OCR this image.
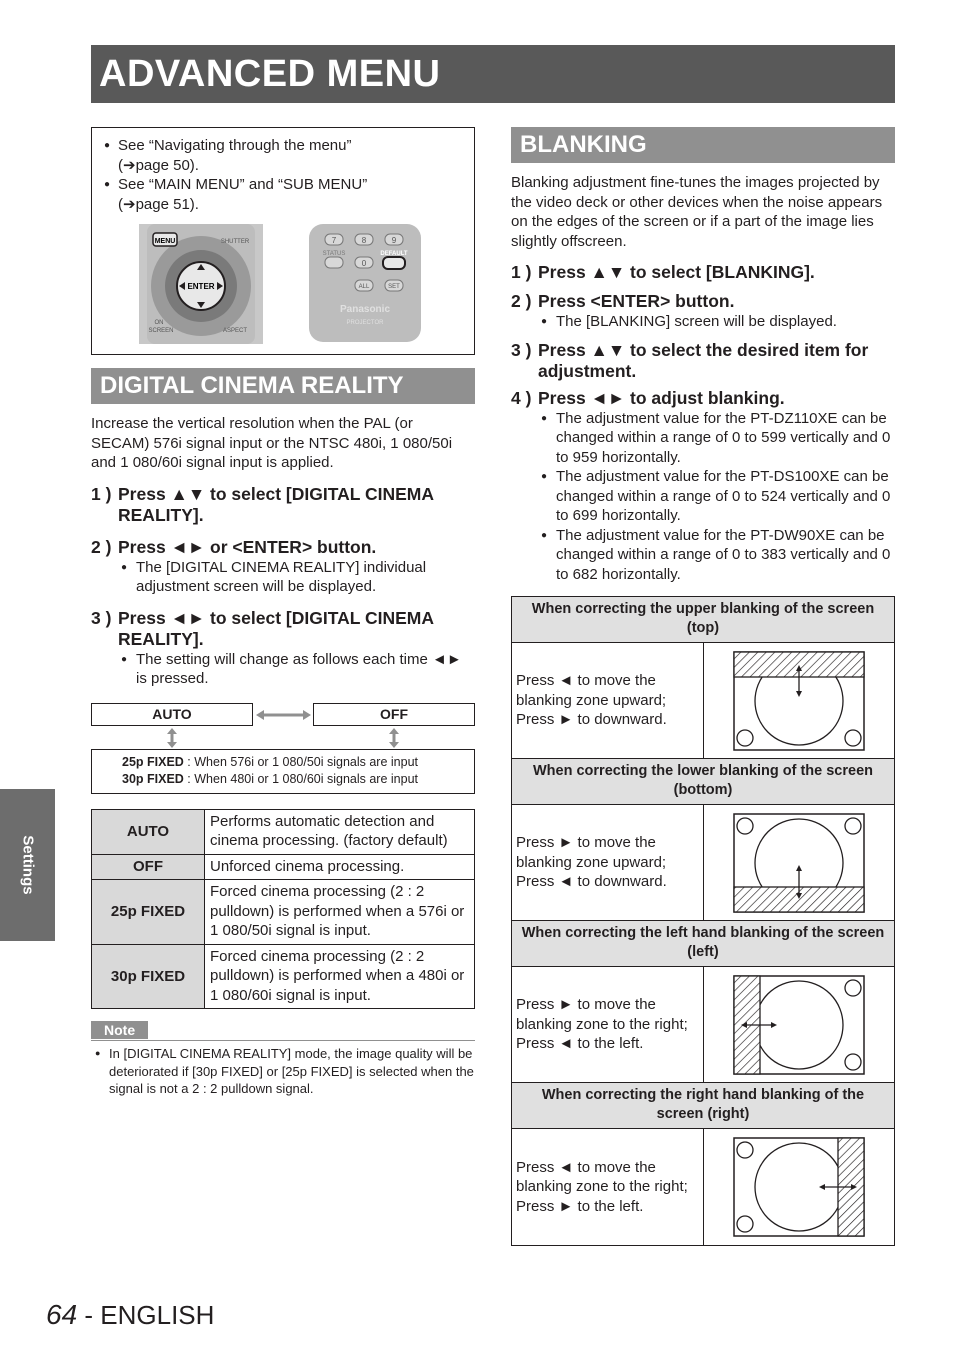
ADVANCED MENU
● See “Navigating through the menu”
(➔page 50).
● See “MAIN MENU” and “SUB MENU”
(➔page 51).
MENU	SHUTTER
ENTER
ON
SCREEN	ASPECT
7	8	9
STATUS
0
DEFAULT
ALL	SET
Panasonic
PROJECTOR
DIGITAL CINEMA REALITY
Increase the vertical resolution when the PAL (or SECAM) 576i signal input or the NTSC 480i, 1 080/50i and 1 080/60i signal input is applied.
1 ) Press ▲▼ to select [DIGITAL CINEMA REALITY].
2 ) Press ◄► or <ENTER> button.
● The [DIGITAL CINEMA REALITY] individual adjustment screen will be displayed.
3 ) Press ◄► to select [DIGITAL CINEMA REALITY].
● The setting will change as follows each time ◄► is pressed.
AUTO	OFF
25p FIXED : When 576i or 1 080/50i signals are input
30p FIXED : When 480i or 1 080/60i signals are input
AUTO	Performs automatic detection and cinema processing. (factory default)
OFF	Unforced cinema processing.
25p FIXED	Forced cinema processing (2 : 2 pulldown) is performed when a 576i or 1 080/50i signal is input.
30p FIXED	Forced cinema processing (2 : 2 pulldown) is performed when a 480i or 1 080/60i signal is input.
Note
● In [DIGITAL CINEMA REALITY] mode, the image quality will be deteriorated if [30p FIXED] or [25p FIXED] is selected when the signal is not a 2 : 2 pulldown signal.
BLANKING
Blanking adjustment fine-tunes the images projected by the video deck or other devices when the noise appears on the edges of the screen or if a part of the image lies slightly offscreen.
1 ) Press ▲▼ to select [BLANKING].
2 ) Press <ENTER> button.
● The [BLANKING] screen will be displayed.
3 ) Press ▲▼ to select the desired item for adjustment.
4 ) Press ◄► to adjust blanking.
● The adjustment value for the PT-DZ110XE can be changed within a range of 0 to 599 vertically and 0 to 959 horizontally.
● The adjustment value for the PT-DS100XE can be changed within a range of 0 to 524 vertically and 0 to 699 horizontally.
● The adjustment value for the PT-DW90XE can be changed within a range of 0 to 383 vertically and 0 to 682 horizontally.
When correcting the upper blanking of the screen (top)
Press ◄ to move the
blanking zone upward;
Press ► to downward.
When correcting the lower blanking of the screen (bottom)
Press ► to move the
blanking zone upward;
Press ◄ to downward.
When correcting the left hand blanking of the screen (left)
Press ► to move the
blanking zone to the right;
Press ◄ to the left.
When correcting the right hand blanking of the screen (right)
Press ◄ to move the
blanking zone to the right;
Press ► to the left.
Settings
64 - ENGLISH
